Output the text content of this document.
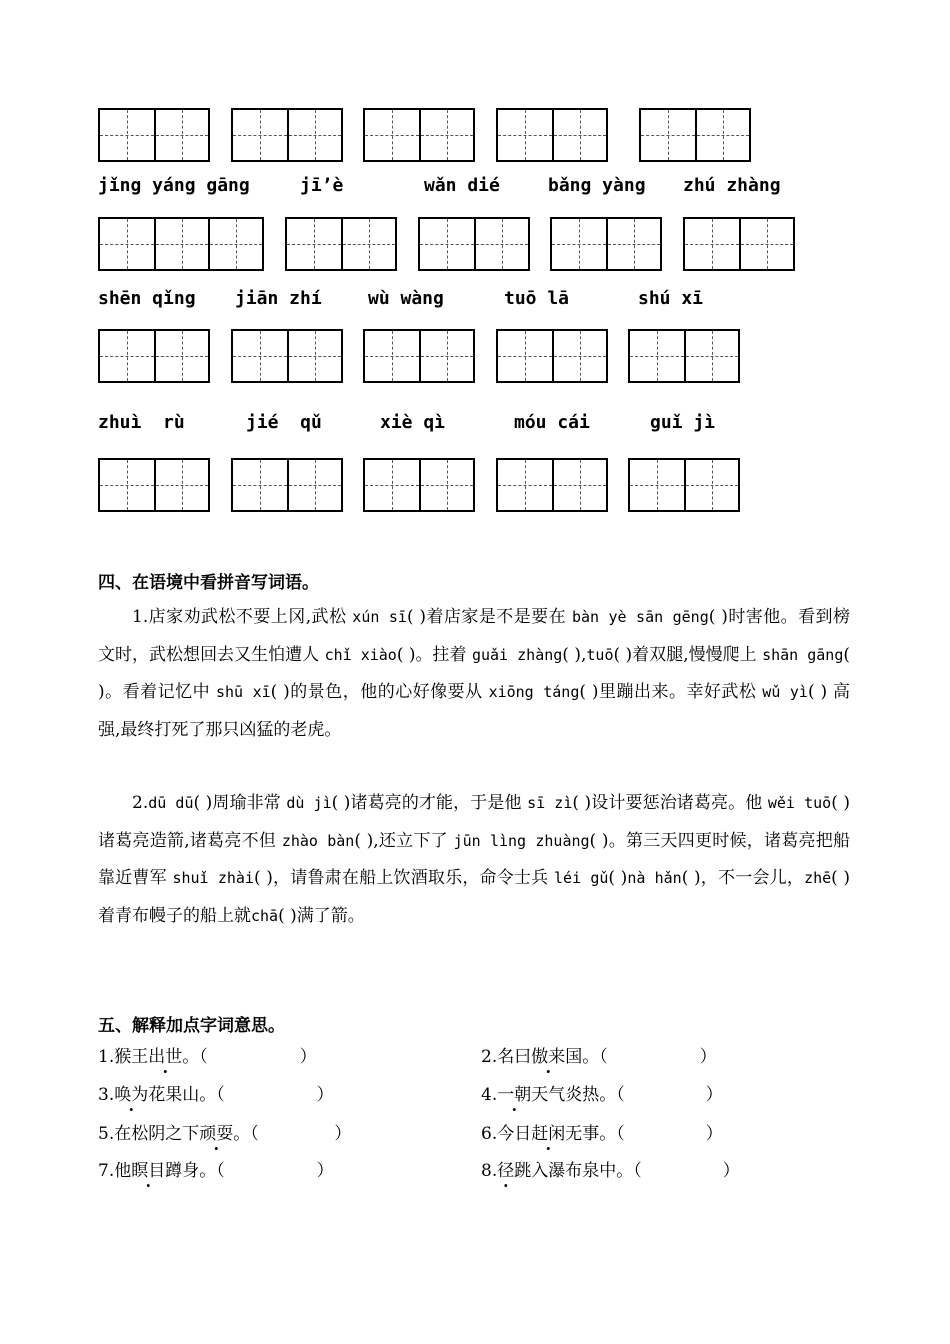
jǐng yáng gāng	jī’è	wǎn dié	bǎng yàng zhú zhàng
shēn qǐng jiān zhí	wù wàng	tuō lā	shú xī
zhuì  rù	jié  qǔ	xiè qì	móu cái	guǐ jì
四、在语境中看拼音写词语。

1.店家劝武松不要上冈,武松 xún sī( )着店家是不是要在 bàn yè sān gēng( )时害他。看到榜文时，武松想回去又生怕遭人 chǐ xiào( )。拄着 guǎi zhàng( ),tuō( )着双腿,慢慢爬上 shān gāng( )。看着记忆中 shū xī( )的景色，他的心好像要从 xiōng táng( )里蹦出来。幸好武松 wǔ yì( ) 高强,最终打死了那只凶猛的老虎。

2.dū dū( )周瑜非常 dù jì( )诸葛亮的才能，于是他 sī zì( )设计要惩治诸葛亮。他 wěi tuō( )诸葛亮造箭,诸葛亮不但 zhào bàn( ),还立下了 jūn lìng zhuàng( )。第三天四更时候，诸葛亮把船靠近曹军 shuǐ zhài( )，请鲁肃在船上饮酒取乐，命令士兵 léi gǔ( )nà hǎn( )，不一会儿，zhē( )着青布幔子的船上就chā( )满了箭。

五、解释加点字词意思。
1.猴王出世。（                 ）	2.名曰傲来国。（                 ）
3.唤为花果山。（                 ）	4.一朝天气炎热。（               ）
5.在松阴之下顽耍。（              ）	6.今日赶闲无事。（               ）
7.他瞑目蹲身。（                 ）	8.径跳入瀑布泉中。（               ）
